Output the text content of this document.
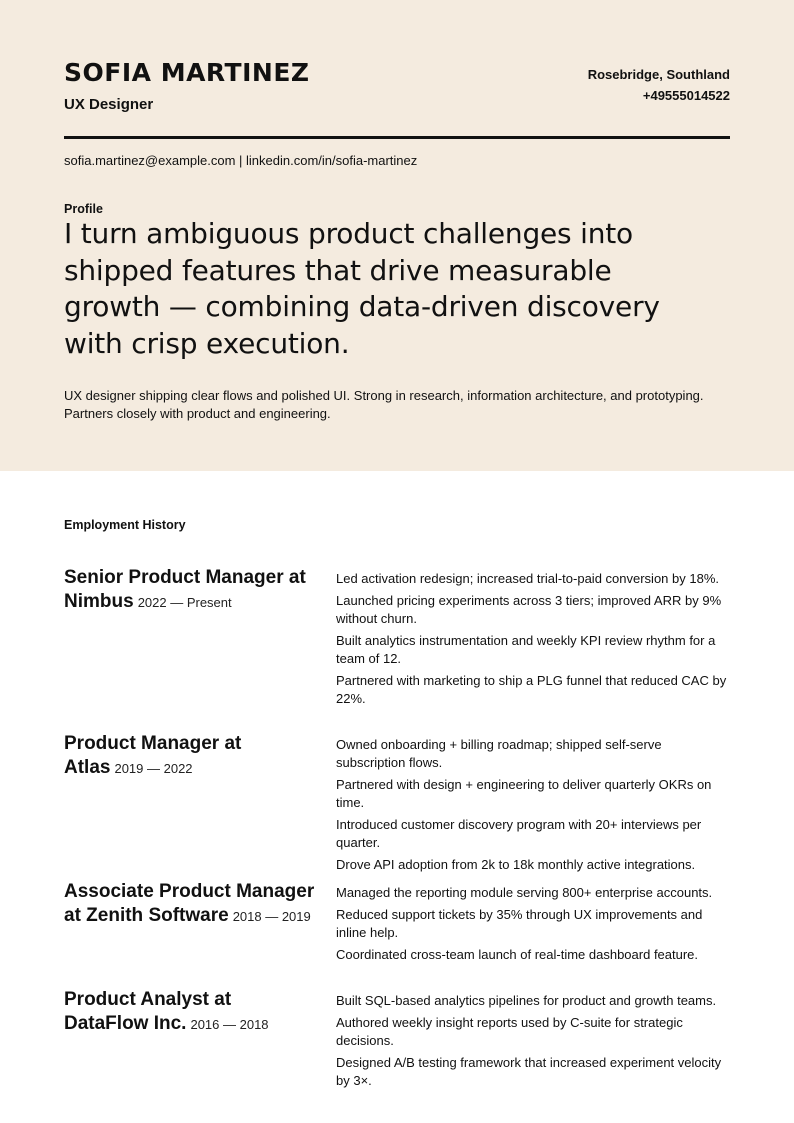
SOFIA MARTINEZ
UX Designer
Rosebridge, Southland
+49555014522
sofia.martinez@example.com | linkedin.com/in/sofia-martinez
Profile
I turn ambiguous product challenges into shipped features that drive measurable growth — combining data-driven discovery with crisp execution.
UX designer shipping clear flows and polished UI. Strong in research, information architecture, and prototyping. Partners closely with product and engineering.
Employment History
Senior Product Manager at Nimbus 2022 — Present
Led activation redesign; increased trial-to-paid conversion by 18%.
Launched pricing experiments across 3 tiers; improved ARR by 9% without churn.
Built analytics instrumentation and weekly KPI review rhythm for a team of 12.
Partnered with marketing to ship a PLG funnel that reduced CAC by 22%.
Product Manager at Atlas 2019 — 2022
Owned onboarding + billing roadmap; shipped self-serve subscription flows.
Partnered with design + engineering to deliver quarterly OKRs on time.
Introduced customer discovery program with 20+ interviews per quarter.
Drove API adoption from 2k to 18k monthly active integrations.
Associate Product Manager at Zenith Software 2018 — 2019
Managed the reporting module serving 800+ enterprise accounts.
Reduced support tickets by 35% through UX improvements and inline help.
Coordinated cross-team launch of real-time dashboard feature.
Product Analyst at DataFlow Inc. 2016 — 2018
Built SQL-based analytics pipelines for product and growth teams.
Authored weekly insight reports used by C-suite for strategic decisions.
Designed A/B testing framework that increased experiment velocity by 3×.
